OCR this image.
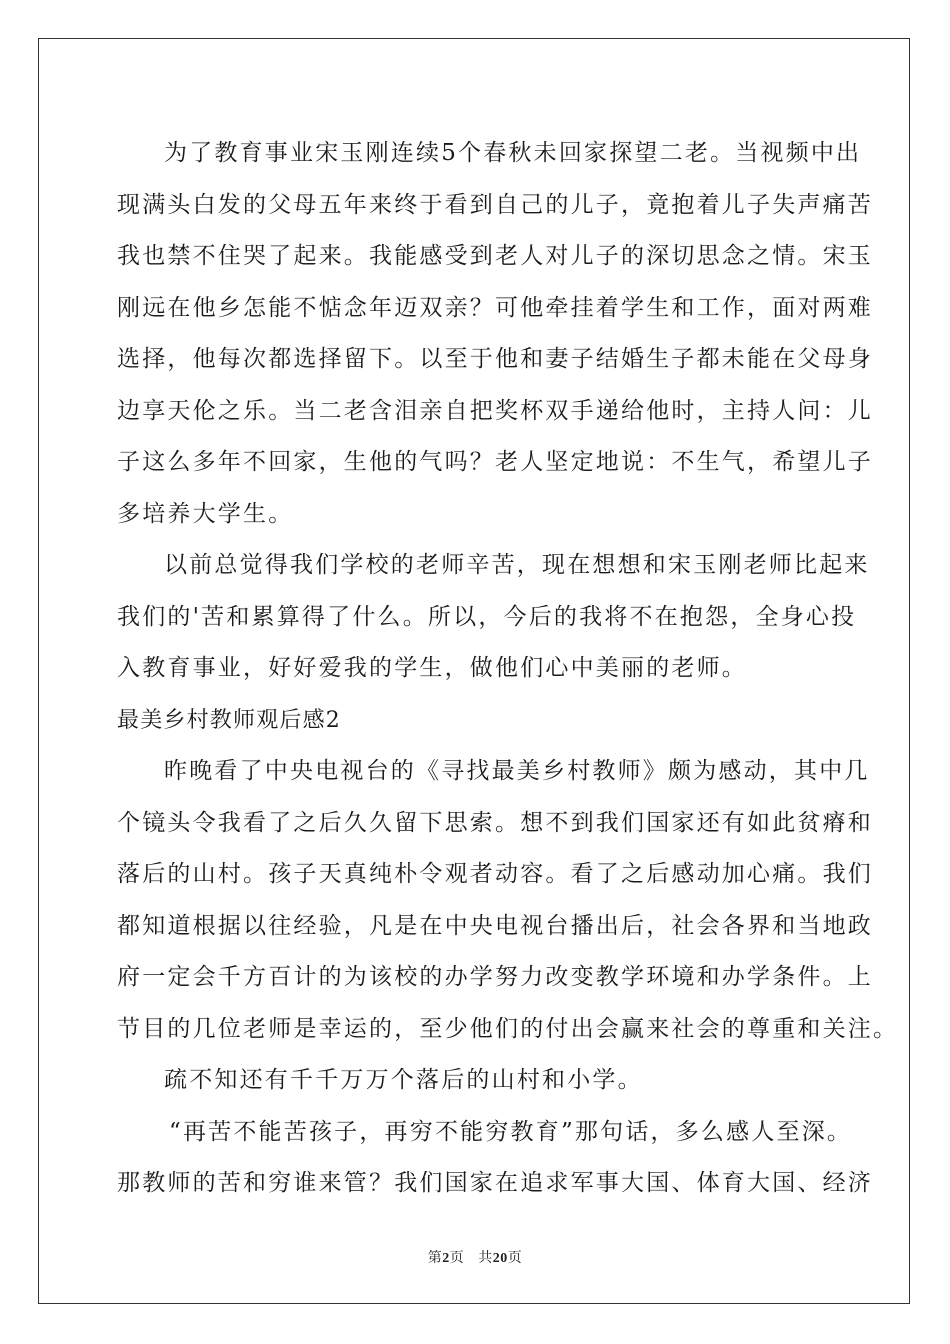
为了教育事业宋玉刚连续5个春秋未回家探望二老。当视频中出
现满头白发的父母五年来终于看到自己的儿子，竟抱着儿子失声痛苦
我也禁不住哭了起来。我能感受到老人对儿子的深切思念之情。宋玉
刚远在他乡怎能不惦念年迈双亲？可他牵挂着学生和工作，面对两难
选择，他每次都选择留下。以至于他和妻子结婚生子都未能在父母身
边享天伦之乐。当二老含泪亲自把奖杯双手递给他时，主持人问：儿
子这么多年不回家，生他的气吗？老人坚定地说：不生气，希望儿子
多培养大学生。
以前总觉得我们学校的老师辛苦，现在想想和宋玉刚老师比起来
我们的'苦和累算得了什么。所以，今后的我将不在抱怨，全身心投
入教育事业，好好爱我的学生，做他们心中美丽的老师。
最美乡村教师观后感2
昨晚看了中央电视台的《寻找最美乡村教师》颇为感动，其中几
个镜头令我看了之后久久留下思索。想不到我们国家还有如此贫瘠和
落后的山村。孩子天真纯朴令观者动容。看了之后感动加心痛。我们
都知道根据以往经验，凡是在中央电视台播出后，社会各界和当地政
府一定会千方百计的为该校的办学努力改变教学环境和办学条件。上
节目的几位老师是幸运的，至少他们的付出会赢来社会的尊重和关注。
疏不知还有千千万万个落后的山村和小学。
“再苦不能苦孩子，再穷不能穷教育”那句话，多么感人至深。
那教师的苦和穷谁来管？我们国家在追求军事大国、体育大国、经济
第2页 共20页
